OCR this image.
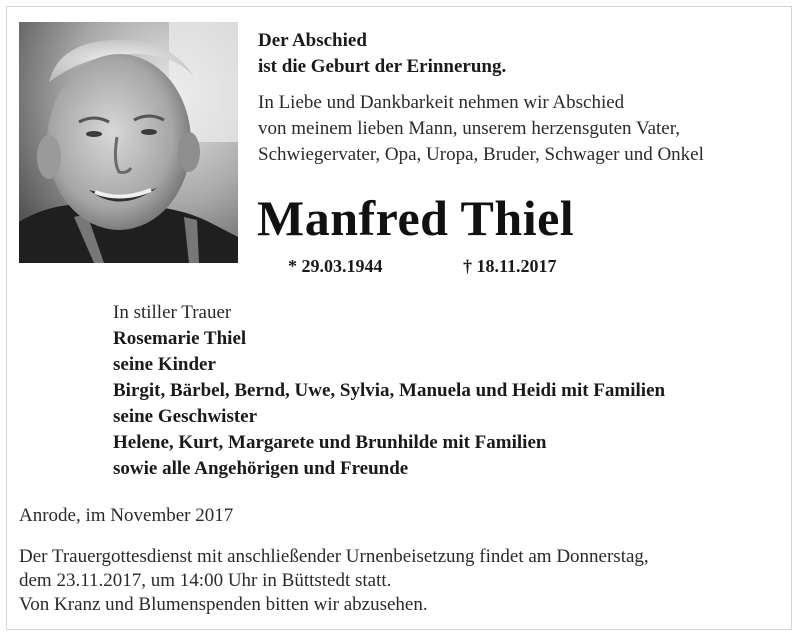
Der Abschied
ist die Geburt der Erinnerung.
In Liebe und Dankbarkeit nehmen wir Abschied
von meinem lieben Mann, unserem herzensguten Vater,
Schwiegervater, Opa, Uropa, Bruder, Schwager und Onkel
Manfred Thiel
* 29.03.1944	† 18.11.2017
In stiller Trauer
Rosemarie Thiel
seine Kinder
Birgit, Bärbel, Bernd, Uwe, Sylvia, Manuela und Heidi mit Familien
seine Geschwister
Helene, Kurt, Margarete und Brunhilde mit Familien
sowie alle Angehörigen und Freunde
Anrode, im November 2017
Der Trauergottesdienst mit anschließender Urnenbeisetzung findet am Donnerstag,
dem 23.11.2017, um 14:00 Uhr in Büttstedt statt.
Von Kranz und Blumenspenden bitten wir abzusehen.
